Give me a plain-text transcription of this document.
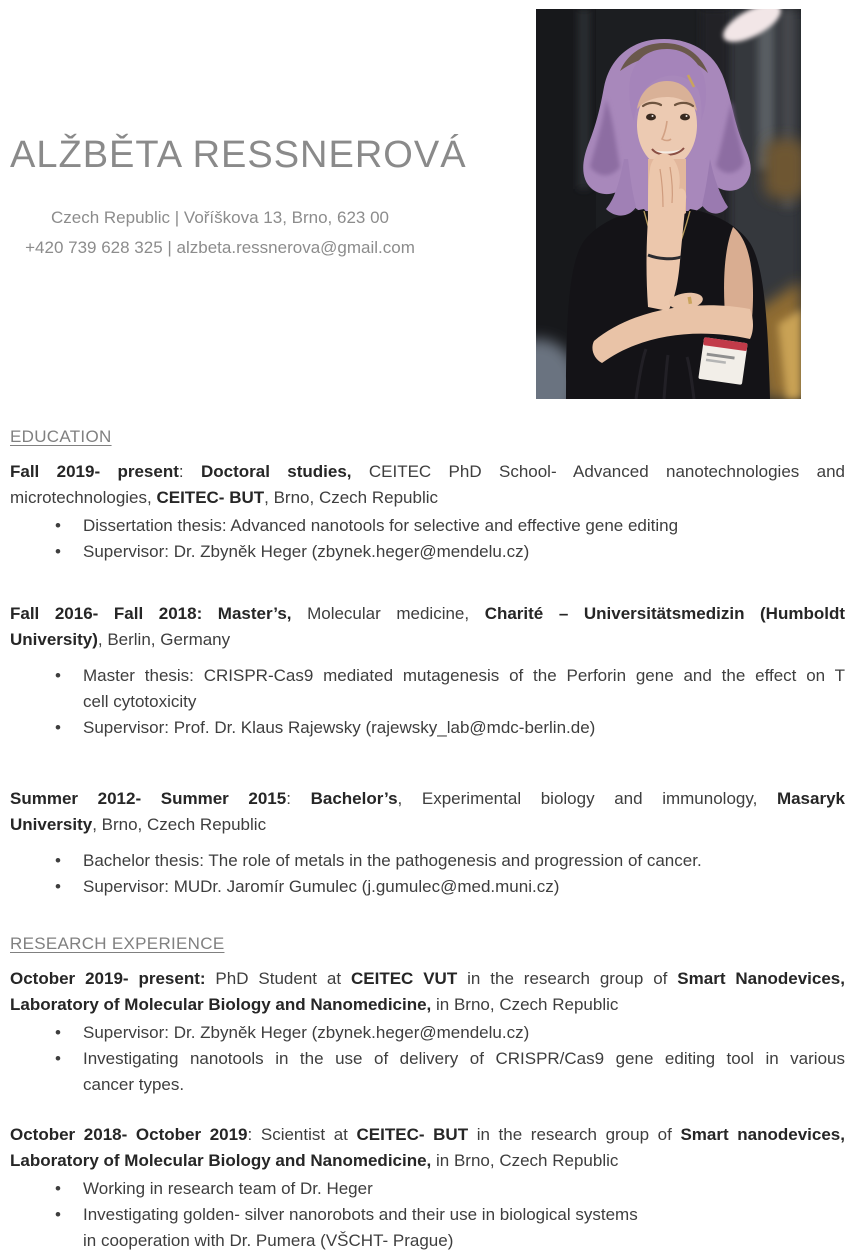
ALŽBĚTA RESSNEROVÁ
Czech Republic | Voříškova 13, Brno, 623 00
+420 739 628 325 | alzbeta.ressnerova@gmail.com
EDUCATION
Fall 2019- present: Doctoral studies, CEITEC PhD School- Advanced nanotechnologies and
microtechnologies, CEITEC- BUT, Brno, Czech Republic
•	Dissertation thesis: Advanced nanotools for selective and effective gene editing
•	Supervisor: Dr. Zbyněk Heger (zbynek.heger@mendelu.cz)
Fall 2016- Fall 2018: Master’s, Molecular medicine, Charité – Universitätsmedizin (Humboldt
University), Berlin, Germany
•	Master thesis: CRISPR-Cas9 mediated mutagenesis of the Perforin gene and the effect on T
cell cytotoxicity
•	Supervisor: Prof. Dr. Klaus Rajewsky (rajewsky_lab@mdc-berlin.de)
Summer 2012- Summer 2015: Bachelor’s, Experimental biology and immunology, Masaryk
University, Brno, Czech Republic
•	Bachelor thesis: The role of metals in the pathogenesis and progression of cancer.
•	Supervisor: MUDr. Jaromír Gumulec (j.gumulec@med.muni.cz)
RESEARCH EXPERIENCE
October 2019- present: PhD Student at CEITEC VUT in the research group of Smart Nanodevices,
Laboratory of Molecular Biology and Nanomedicine, in Brno, Czech Republic
•	Supervisor: Dr. Zbyněk Heger (zbynek.heger@mendelu.cz)
•	Investigating nanotools in the use of delivery of CRISPR/Cas9 gene editing tool in various
cancer types.
October 2018- October 2019: Scientist at CEITEC- BUT in the research group of Smart nanodevices,
Laboratory of Molecular Biology and Nanomedicine, in Brno, Czech Republic
•	Working in research team of Dr. Heger
•	Investigating golden- silver nanorobots and their use in biological systems
in cooperation with Dr. Pumera (VŠCHT- Prague)
